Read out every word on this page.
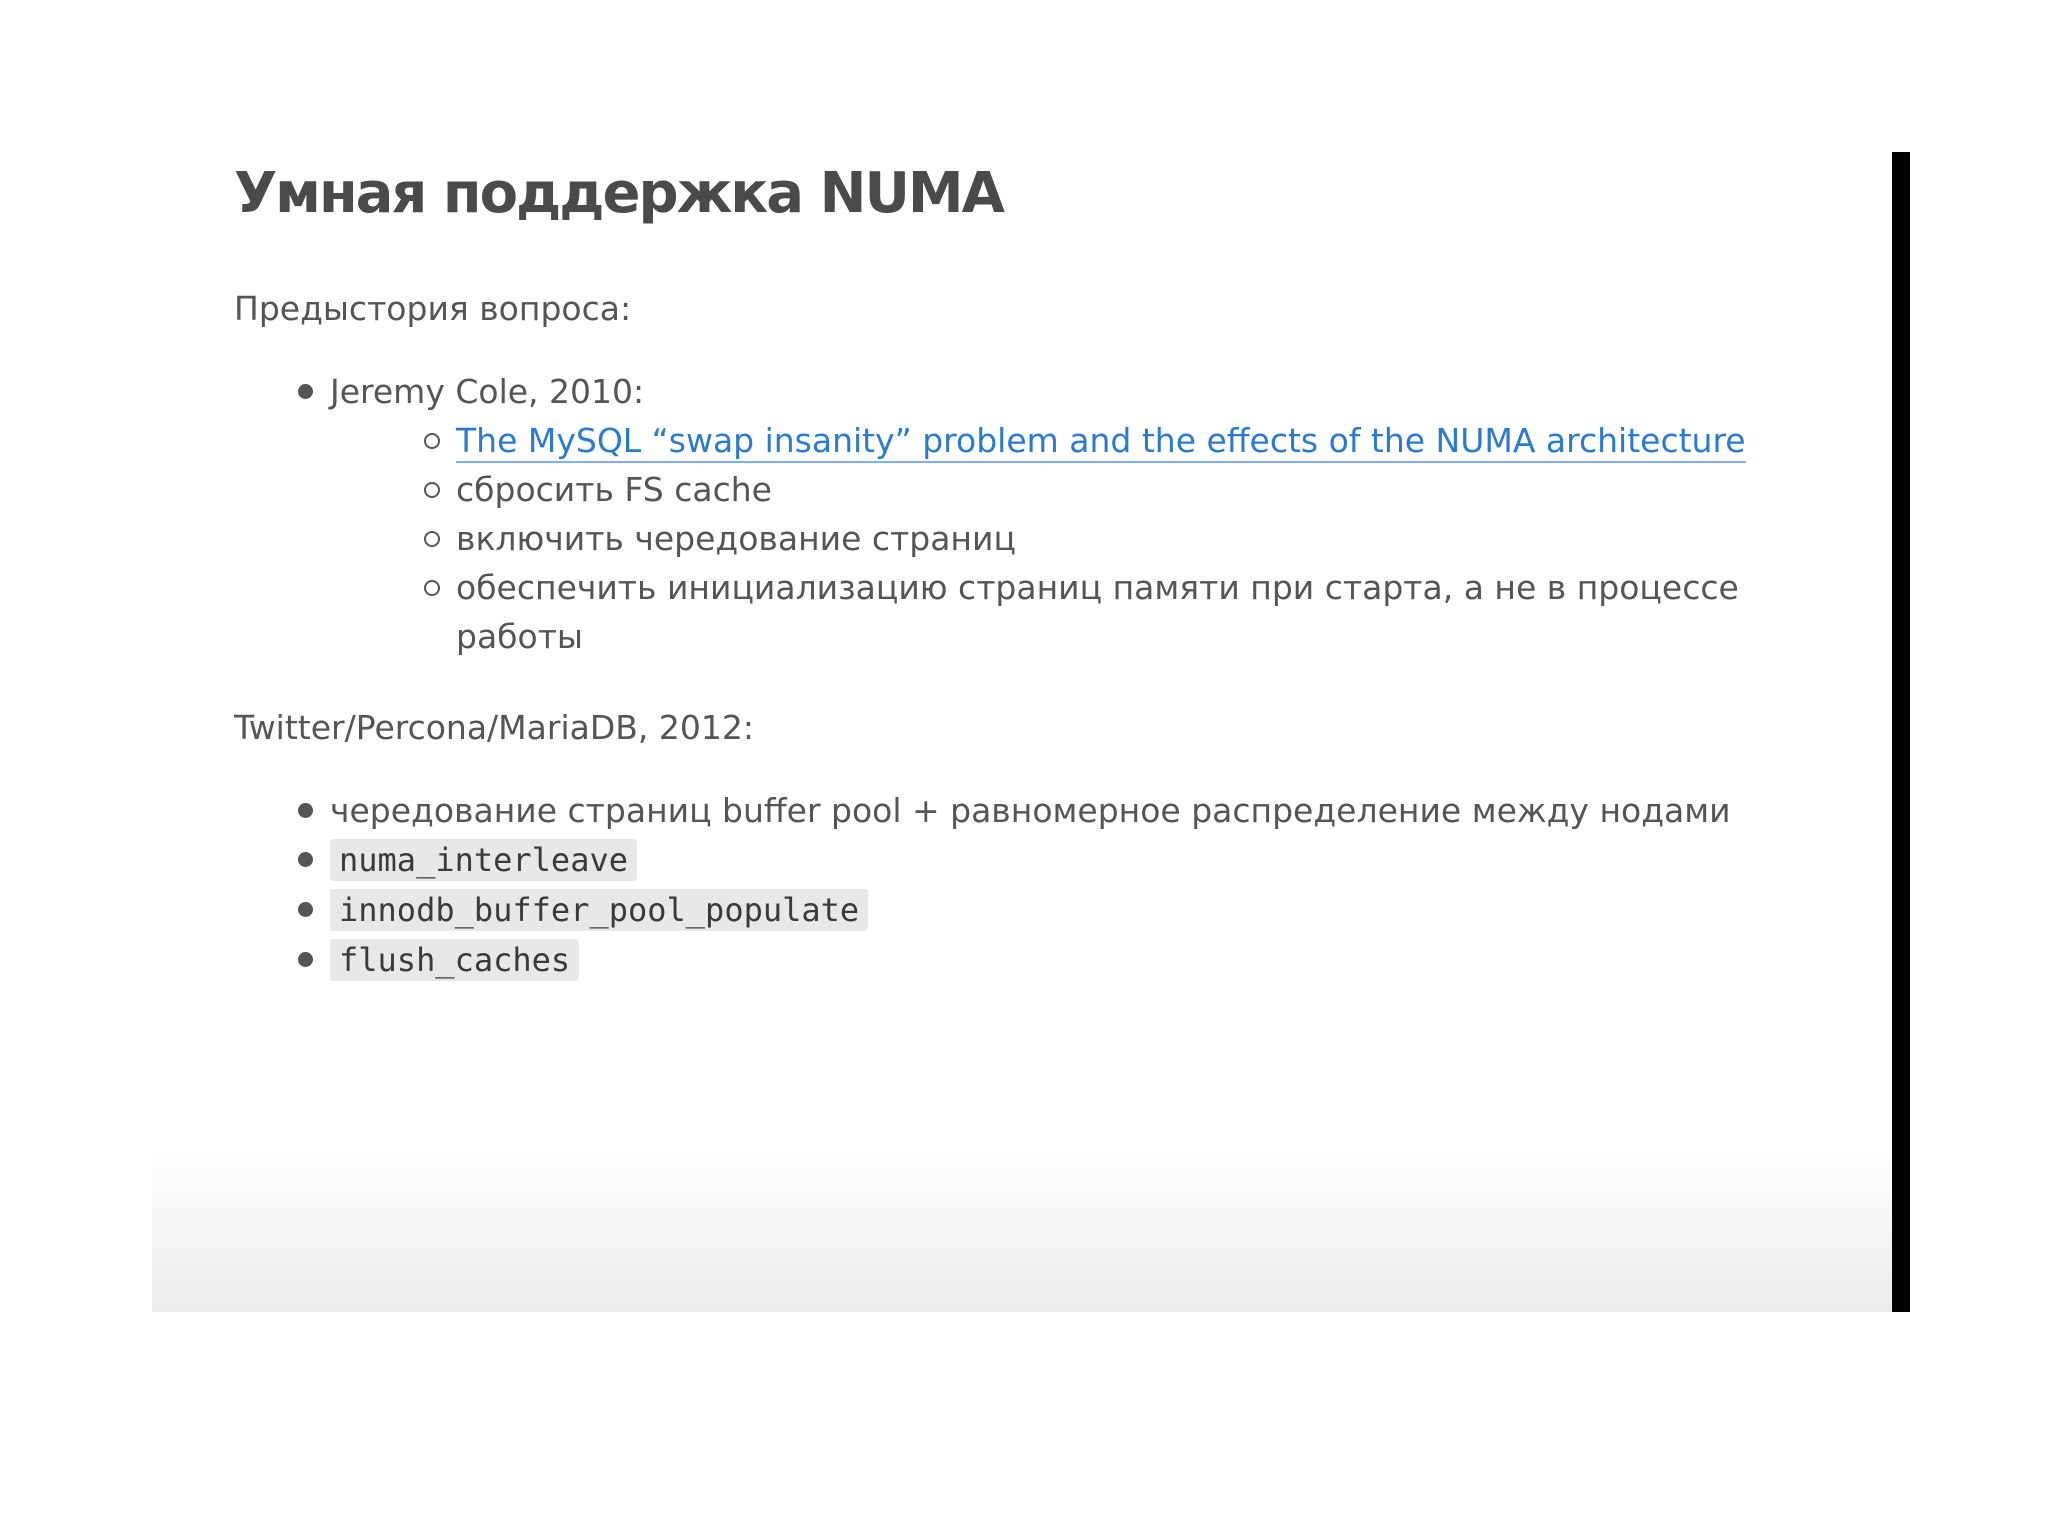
Умная поддержка NUMA

Предыстория вопроса:

Jeremy Cole, 2010:
The MySQL “swap insanity” problem and the effects of the NUMA architecture
сбросить FS cache
включить чередование страниц
обеспечить инициализацию страниц памяти при старта, а не в процессе работы

Twitter/Percona/MariaDB, 2012:

чередование страниц buffer pool + равномерное распределение между нодами
numa_interleave
innodb_buffer_pool_populate
flush_caches
